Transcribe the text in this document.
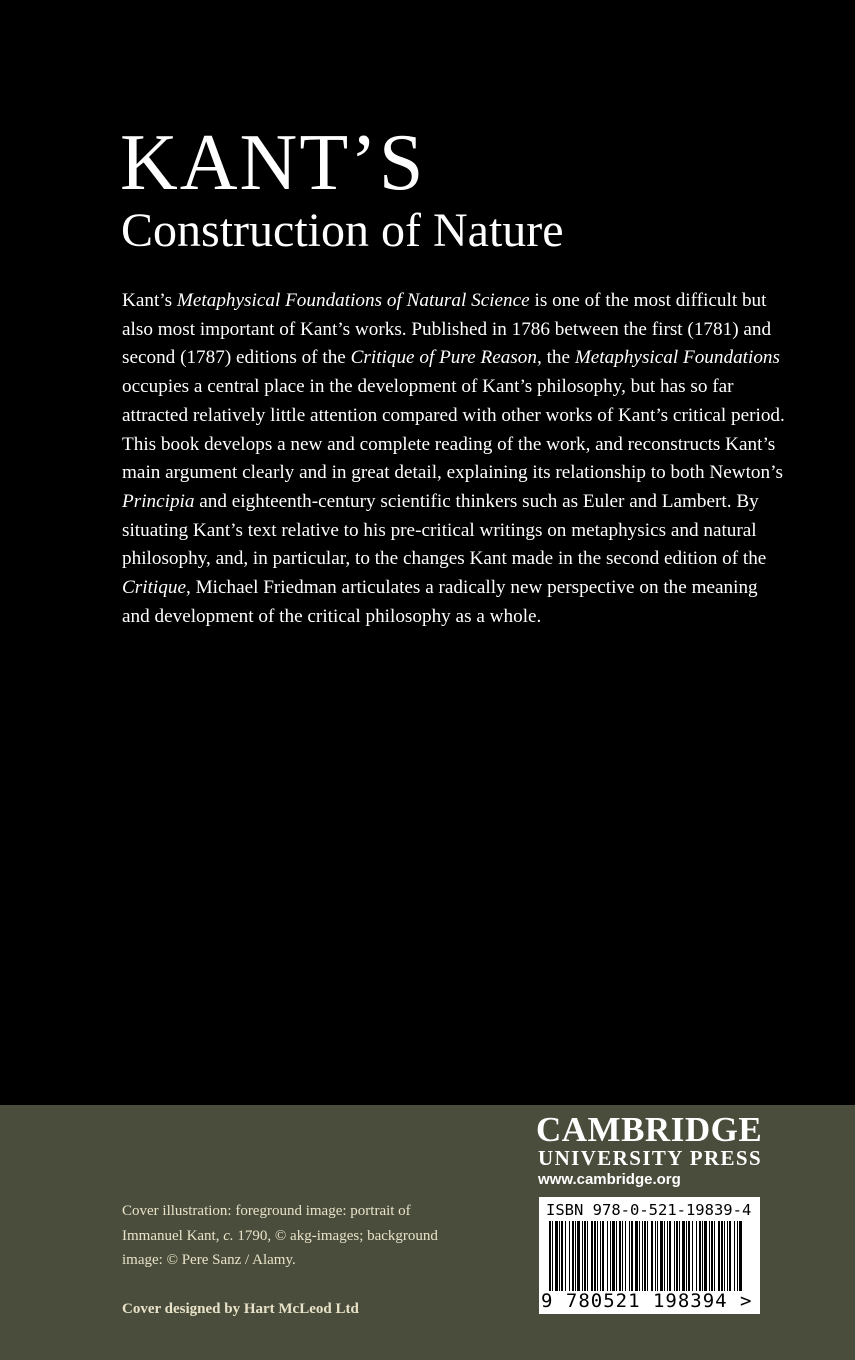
KANT’S
Construction of Nature
Kant’s Metaphysical Foundations of Natural Science is one of the most difficult but also most important of Kant’s works. Published in 1786 between the first (1781) and second (1787) editions of the Critique of Pure Reason, the Metaphysical Foundations occupies a central place in the development of Kant’s philosophy, but has so far attracted relatively little attention compared with other works of Kant’s critical period. This book develops a new and complete reading of the work, and reconstructs Kant’s main argument clearly and in great detail, explaining its relationship to both Newton’s Principia and eighteenth-century scientific thinkers such as Euler and Lambert. By situating Kant’s text relative to his pre-critical writings on metaphysics and natural philosophy, and, in particular, to the changes Kant made in the second edition of the Critique, Michael Friedman articulates a radically new perspective on the meaning and development of the critical philosophy as a whole.
Cover illustration: foreground image: portrait of Immanuel Kant, c. 1790, © akg-images; background image: © Pere Sanz / Alamy.
Cover designed by Hart McLeod Ltd
CAMBRIDGE
UNIVERSITY PRESS
www.cambridge.org
ISBN 978-0-521-19839-4
9 780521 198394 >
